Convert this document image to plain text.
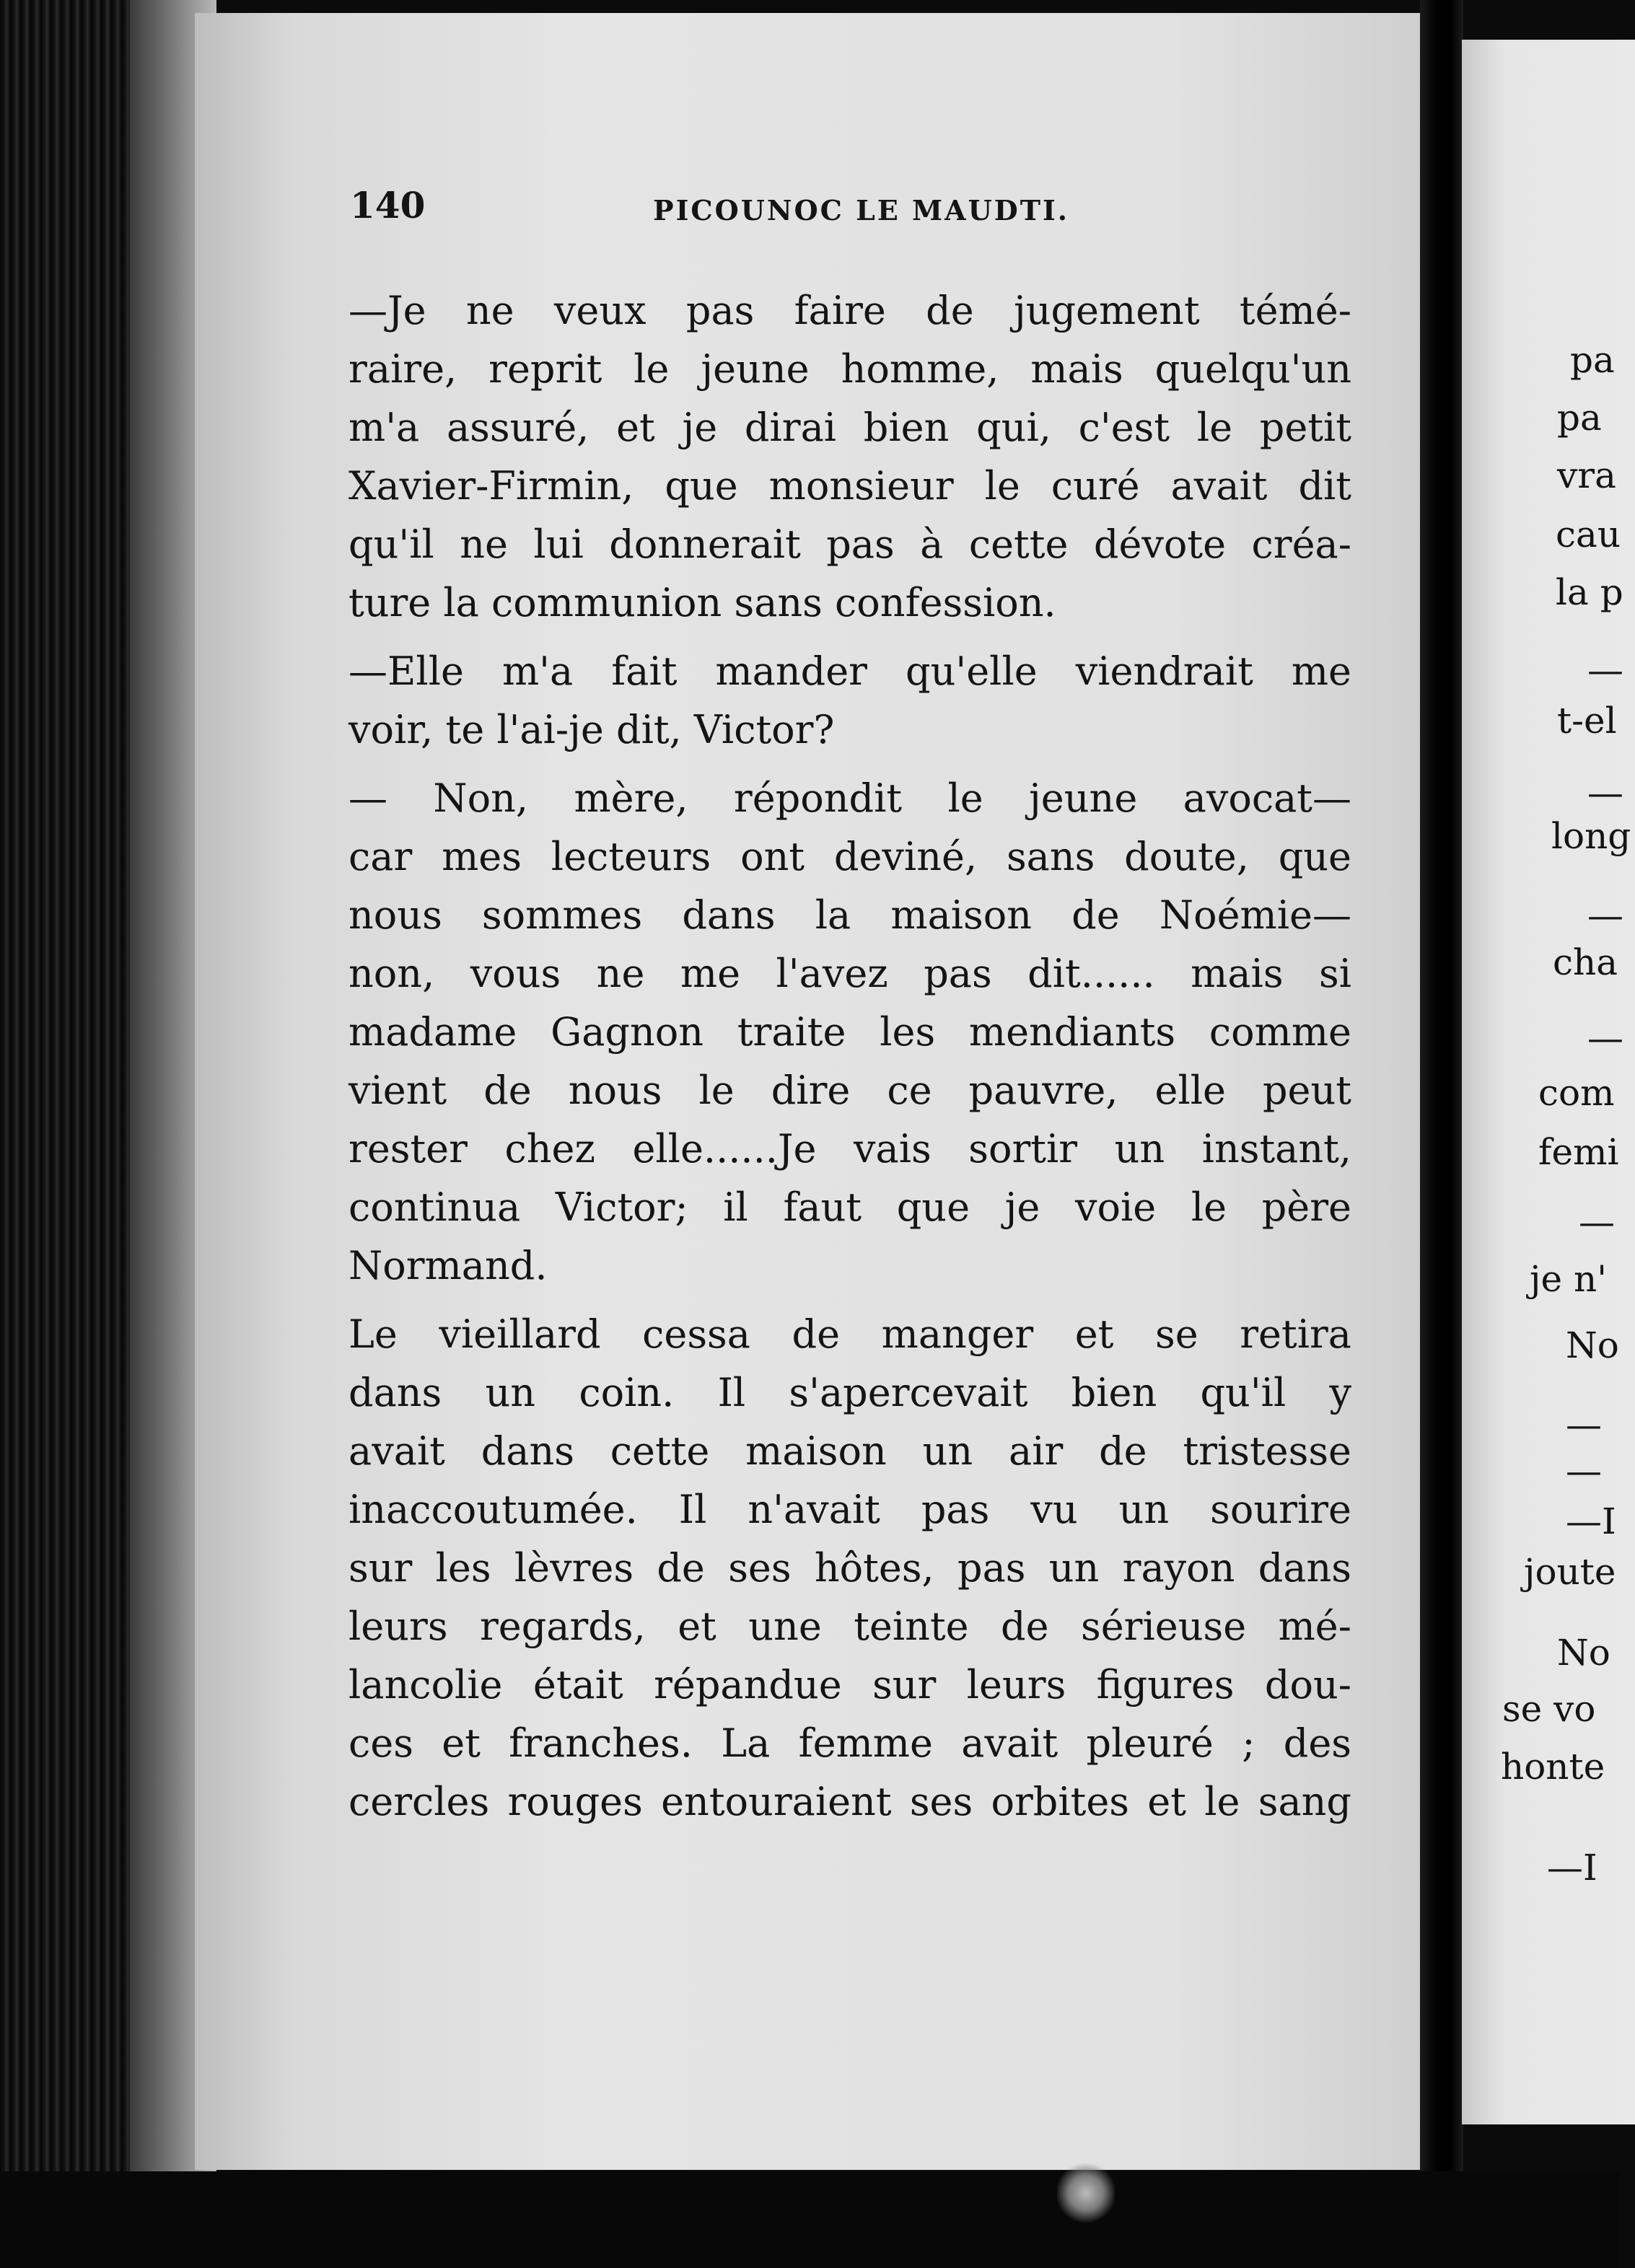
140	PICOUNOC LE MAUDTI.
—Je ne veux pas faire de jugement témé-
raire, reprit le jeune homme, mais quelqu'un
m'a assuré, et je dirai bien qui, c'est le petit
Xavier-Firmin, que monsieur le curé avait dit
qu'il ne lui donnerait pas à cette dévote créa-
ture la communion sans confession.
—Elle m'a fait mander qu'elle viendrait me
voir, te l'ai-je dit, Victor?
— Non, mère, répondit le jeune avocat—
car mes lecteurs ont deviné, sans doute, que
nous sommes dans la maison de Noémie—
non, vous ne me l'avez pas dit...... mais si
madame Gagnon traite les mendiants comme
vient de nous le dire ce pauvre, elle peut
rester chez elle......Je vais sortir un instant,
continua Victor; il faut que je voie le père
Normand.
Le vieillard cessa de manger et se retira
dans un coin. Il s'apercevait bien qu'il y
avait dans cette maison un air de tristesse
inaccoutumée. Il n'avait pas vu un sourire
sur les lèvres de ses hôtes, pas un rayon dans
leurs regards, et une teinte de sérieuse mé-
lancolie était répandue sur leurs figures dou-
ces et franches. La femme avait pleuré ; des
cercles rouges entouraient ses orbites et le sang
pa
pa
vra
cau
la p
—
t-el
—
long
—
cha
—
com
femi
—
je n'
No
—
—
—I
joute
No
se vo
honte
—I
